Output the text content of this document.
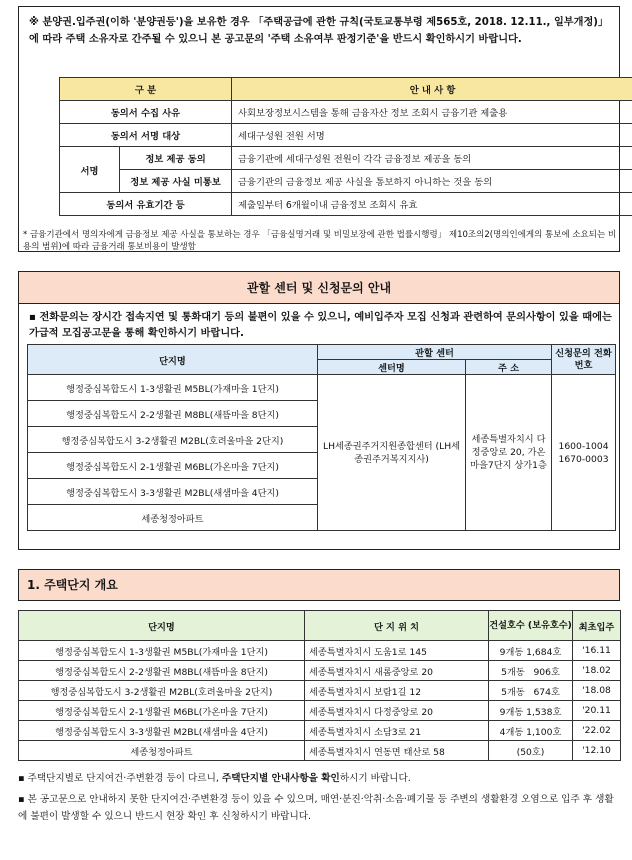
※ 분양권.입주권(이하 '분양권등')을 보유한 경우 「주택공급에 관한 규칙(국토교통부령 제565호, 2018. 12.11., 일부개정)」에 따라 주택 소유자로 간주될 수 있으니 본 공고문의 '주택 소유여부 판정기준'을 반드시 확인하시기 바랍니다.
구 분		안 내 사 항
동의서 수집 사유		사회보장정보시스템을 통해 금융자산 정보 조회시 금융기관 제출용
동의서 서명 대상		세대구성원 전원 서명
서명	정보 제공 동의	금융기관에 세대구성원 전원이 각각 금융정보 제공을 동의
	정보 제공 사실 미통보	금융기관의 금융정보 제공 사실을 통보하지 아니하는 것을 동의
동의서 유효기간 등		제출일부터 6개월이내 금융정보 조회시 유효
* 금융기관에서 명의자에게 금융정보 제공 사실을 통보하는 경우 「금융실명거래 및 비밀보장에 관한 법률시행령」 제10조의2(명의인에게의 통보에 소요되는 비용의 범위)에 따라 금융거래 통보비용이 발생함
관할 센터 및 신청문의 안내
▪ 전화문의는 장시간 접속지연 및 통화대기 등의 불편이 있을 수 있으니, 예비입주자 모집 신청과 관련하여 문의사항이 있을 때에는 가급적 모집공고문을 통해 확인하시기 바랍니다.
단지명	관할 센터		신청문의 전화번호
	센터명	주 소	
행정중심복합도시 1-3생활권 M5BL(가재마을 1단지)	LH세종권주거지원종합센터 (LH세종권주거복지지사)	세종특별자치시 다정중앙로 20, 가온마을7단지 상가1층	1600-1004 1670-0003
행정중심복합도시 2-2생활권 M8BL(새뜸마을 8단지)			
행정중심복합도시 3-2생활권 M2BL(호려울마을 2단지)			
행정중심복합도시 2-1생활권 M6BL(가온마을 7단지)			
행정중심복합도시 3-3생활권 M2BL(새샘마을 4단지)			
세종청정아파트			
1. 주택단지 개요
단지명	단 지 위 치	건설호수 (보유호수)	최초입주
행정중심복합도시 1-3생활권 M5BL(가재마을 1단지)	세종특별자치시 도움1로 145	9개동 1,684호	'16.11
행정중심복합도시 2-2생활권 M8BL(새뜸마을 8단지)	세종특별자치시 새롬중앙로 20	5개동   906호	'18.02
행정중심복합도시 3-2생활권 M2BL(호려울마을 2단지)	세종특별자치시 보람1길 12	5개동   674호	'18.08
행정중심복합도시 2-1생활권 M6BL(가온마을 7단지)	세종특별자치시 다정중앙로 20	9개동 1,538호	'20.11
행정중심복합도시 3-3생활권 M2BL(새샘마을 4단지)	세종특별자치시 소담3로 21	4개동 1,100호	'22.02
세종청정아파트	세종특별자치시 연동면 태산로 58	(50호)	'12.10
▪ 주택단지별로 단지여건·주변환경 등이 다르니, 주택단지별 안내사항을 확인하시기 바랍니다.
▪ 본 공고문으로 안내하지 못한 단지여건·주변환경 등이 있을 수 있으며, 매연·분진·악취·소음·폐기물 등 주변의 생활환경 오염으로 입주 후 생활에 불편이 발생할 수 있으니 반드시 현장 확인 후 신청하시기 바랍니다.
